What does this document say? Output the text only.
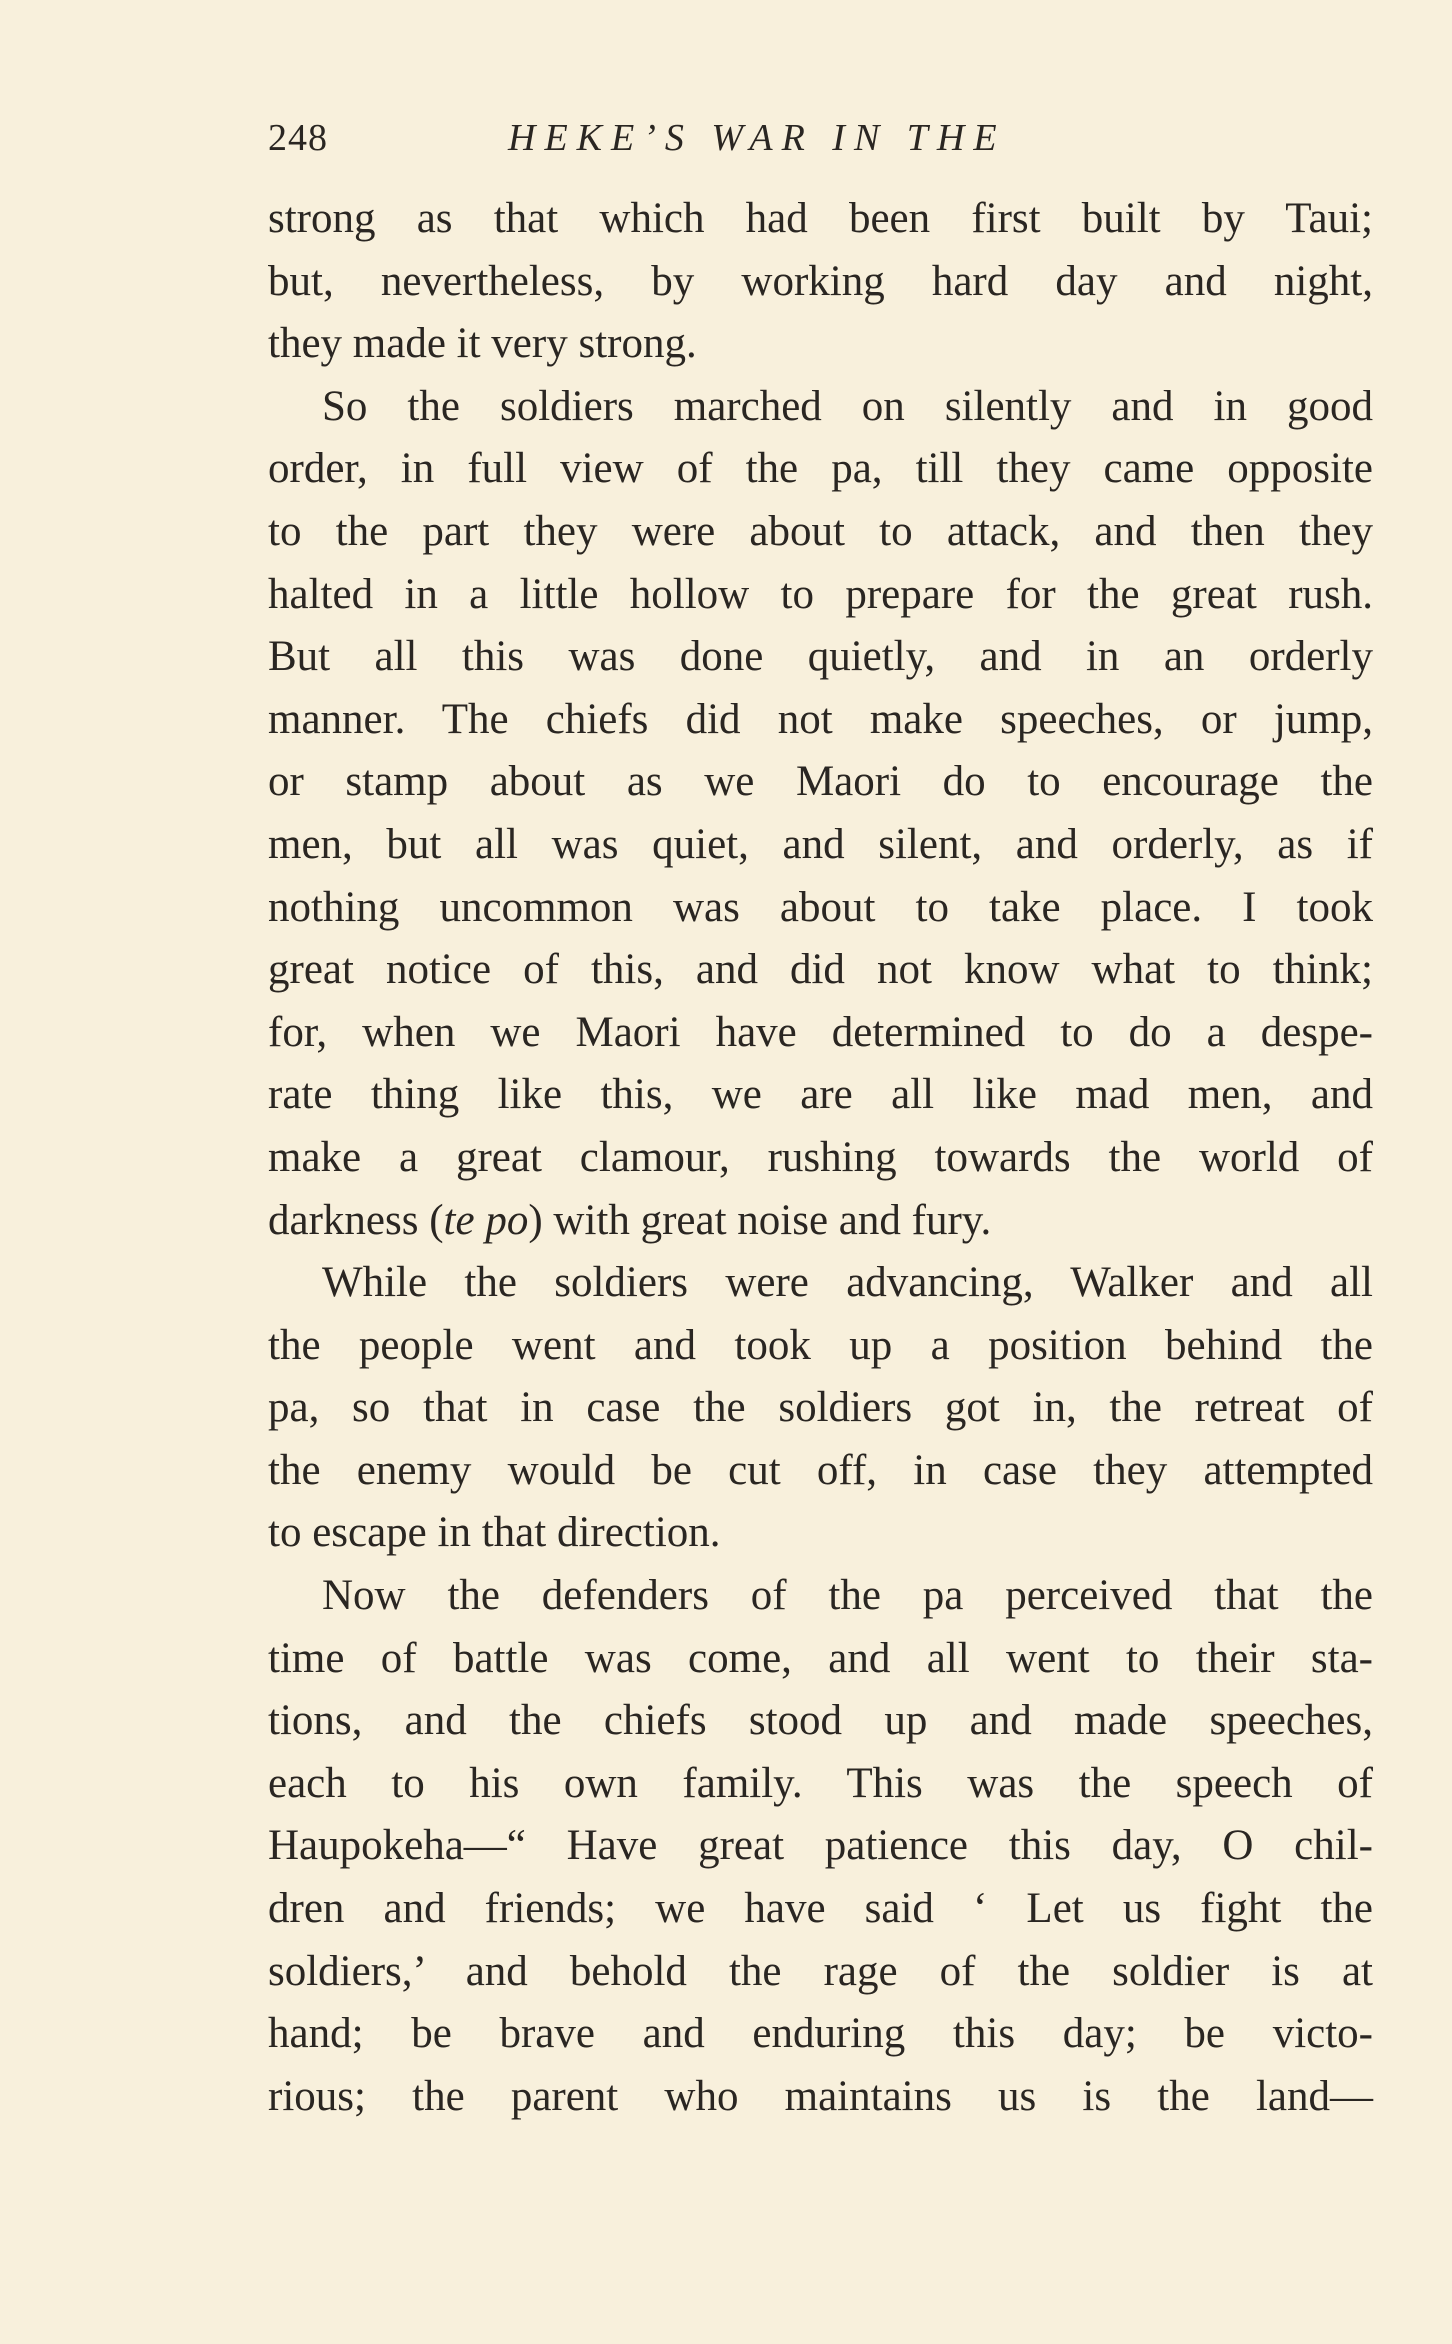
248	HEKE’S WAR IN THE
strong as that which had been first built by Taui;
but, nevertheless, by working hard day and night,
they made it very strong.
So the soldiers marched on silently and in good
order, in full view of the pa, till they came opposite
to the part they were about to attack, and then they
halted in a little hollow to prepare for the great rush.
But all this was done quietly, and in an orderly
manner. The chiefs did not make speeches, or jump,
or stamp about as we Maori do to encourage the
men, but all was quiet, and silent, and orderly, as if
nothing uncommon was about to take place. I took
great notice of this, and did not know what to think;
for, when we Maori have determined to do a despe-
rate thing like this, we are all like mad men, and
make a great clamour, rushing towards the world of
darkness (te po) with great noise and fury.
While the soldiers were advancing, Walker and all
the people went and took up a position behind the
pa, so that in case the soldiers got in, the retreat of
the enemy would be cut off, in case they attempted
to escape in that direction.
Now the defenders of the pa perceived that the
time of battle was come, and all went to their sta-
tions, and the chiefs stood up and made speeches,
each to his own family. This was the speech of
Haupokeha—“ Have great patience this day, O chil-
dren and friends; we have said ‘ Let us fight the
soldiers,’ and behold the rage of the soldier is at
hand; be brave and enduring this day; be victo-
rious; the parent who maintains us is the land—
